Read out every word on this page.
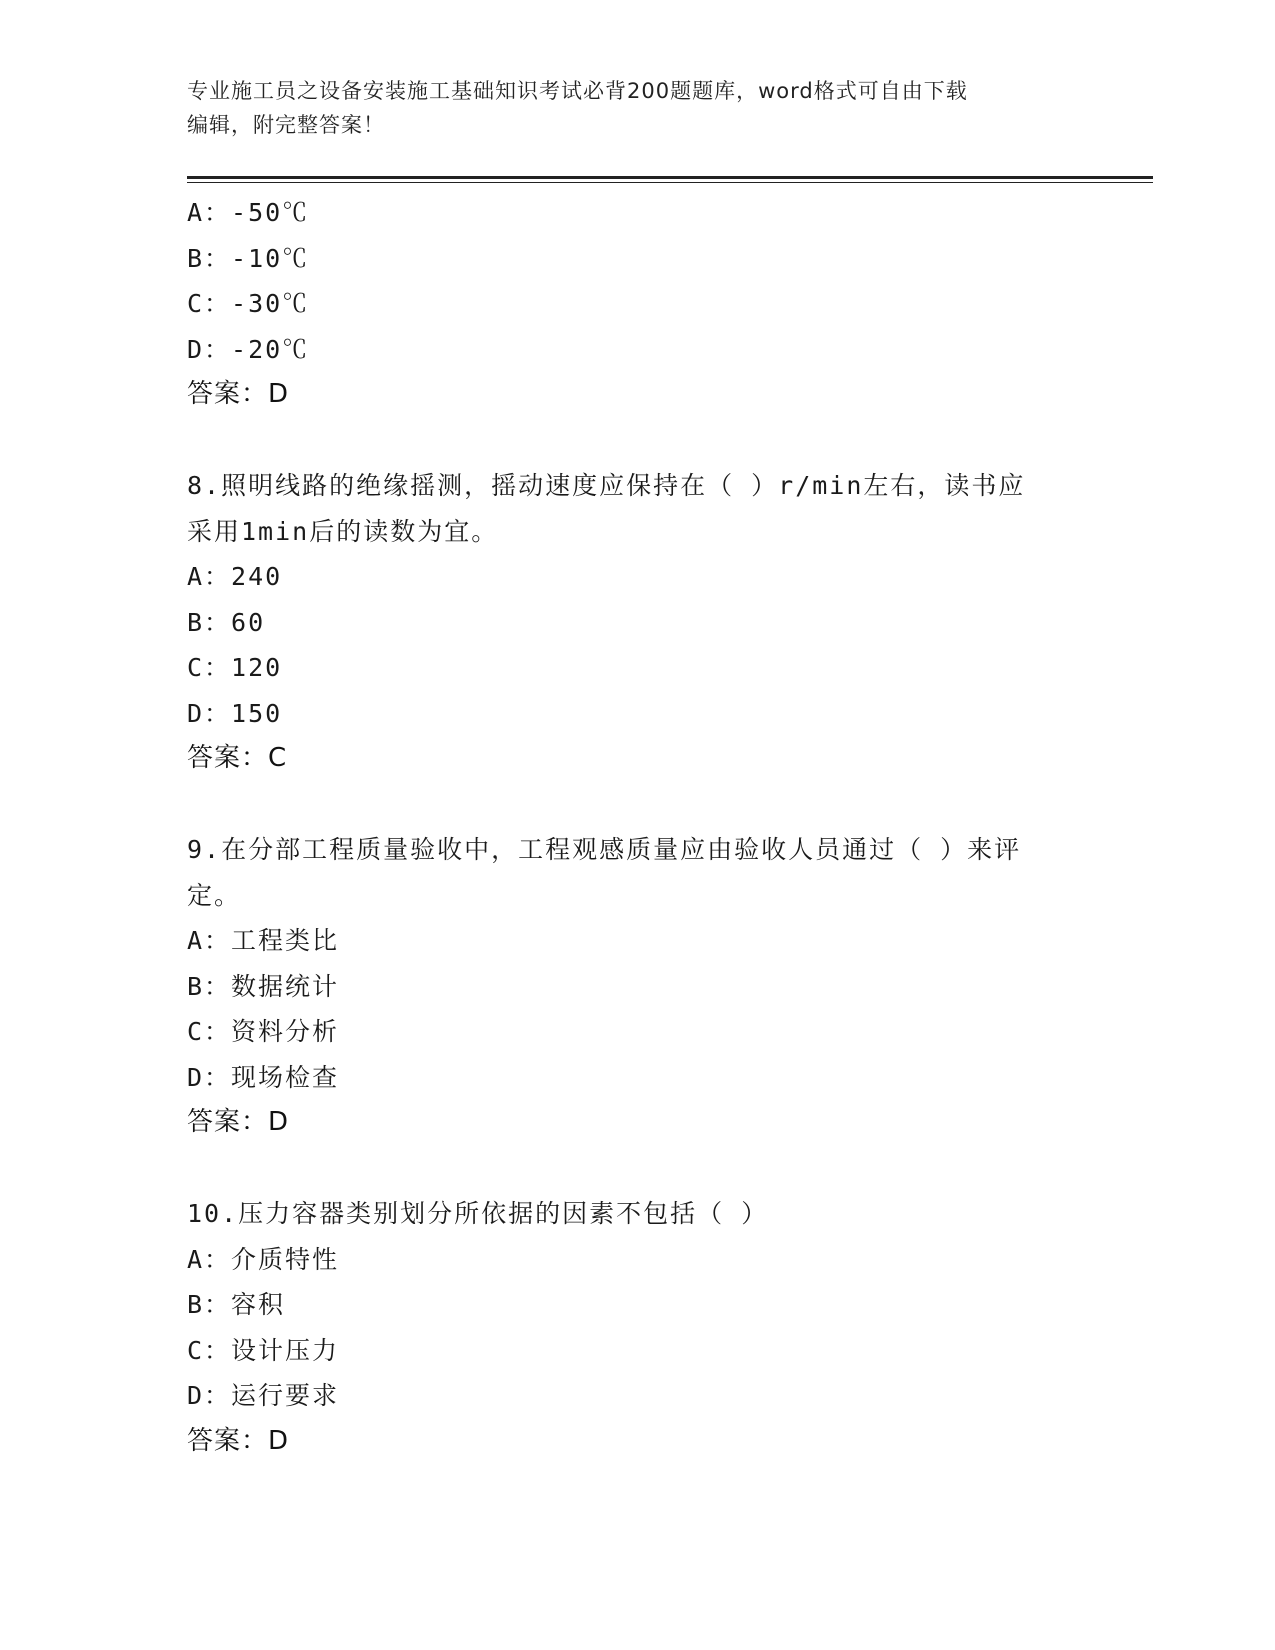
专业施工员之设备安装施工基础知识考试必背200题题库，word格式可自由下载
编辑，附完整答案！
A：-50℃
B：-10℃
C：-30℃
D：-20℃
答案：D
8.照明线路的绝缘摇测，摇动速度应保持在（ ）r/min左右，读书应
采用1min后的读数为宜。
A：240
B：60
C：120
D：150
答案：C
9.在分部工程质量验收中，工程观感质量应由验收人员通过（ ）来评
定。
A：工程类比
B：数据统计
C：资料分析
D：现场检查
答案：D
10.压力容器类别划分所依据的因素不包括（ ）
A：介质特性
B：容积
C：设计压力
D：运行要求
答案：D
